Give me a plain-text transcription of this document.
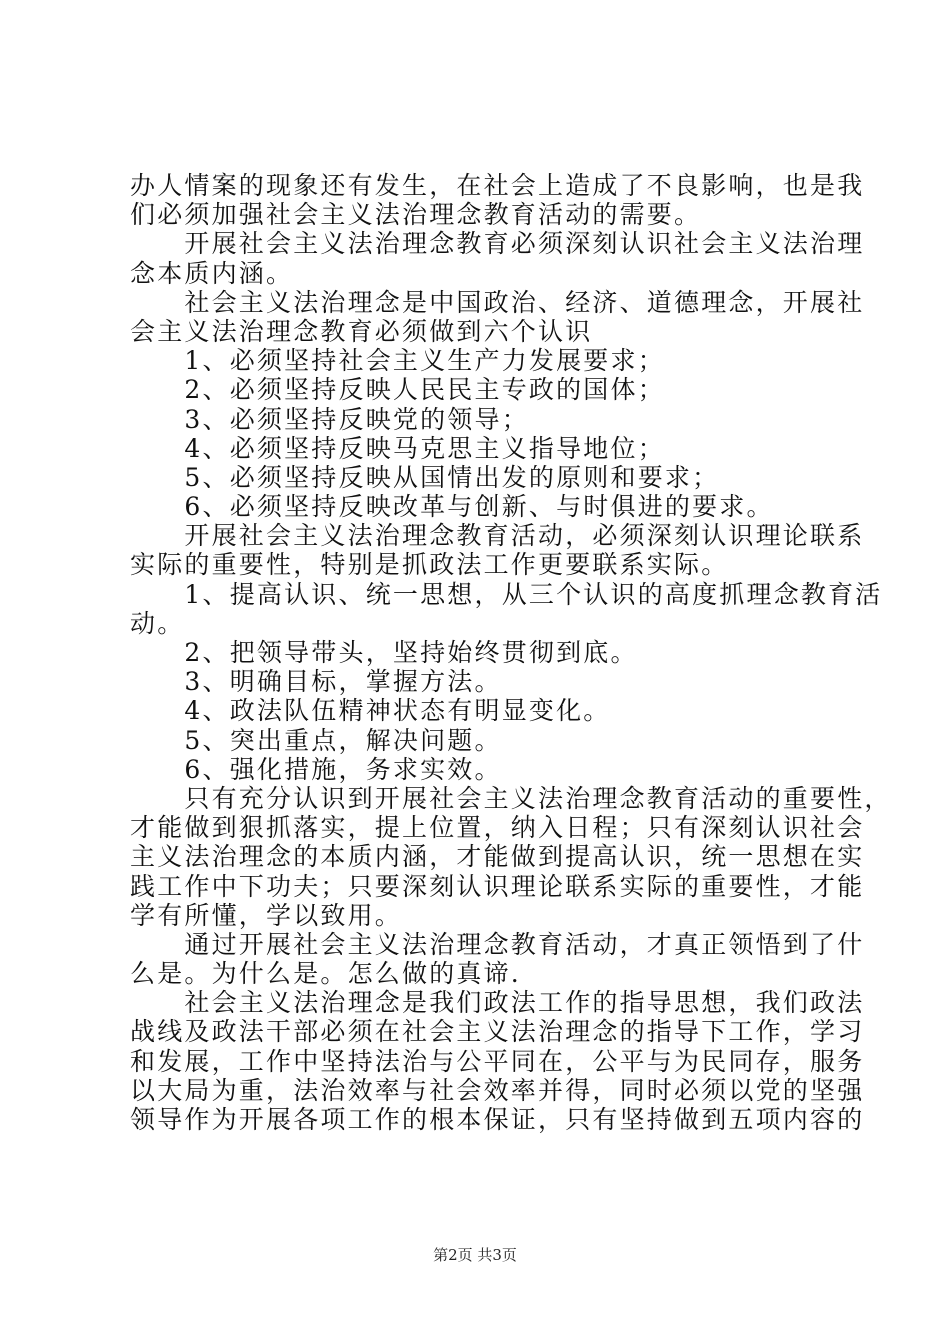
办人情案的现象还有发生，在社会上造成了不良影响，也是我
们必须加强社会主义法治理念教育活动的需要。
　　开展社会主义法治理念教育必须深刻认识社会主义法治理
念本质内涵。
　　社会主义法治理念是中国政治、经济、道德理念，开展社
会主义法治理念教育必须做到六个认识
　　1、必须坚持社会主义生产力发展要求；
　　2、必须坚持反映人民民主专政的国体；
　　3、必须坚持反映党的领导；
　　4、必须坚持反映马克思主义指导地位；
　　5、必须坚持反映从国情出发的原则和要求；
　　6、必须坚持反映改革与创新、与时俱进的要求。
　　开展社会主义法治理念教育活动，必须深刻认识理论联系
实际的重要性，特别是抓政法工作更要联系实际。
　　1、提高认识、统一思想，从三个认识的高度抓理念教育活
动。
　　2、把领导带头，坚持始终贯彻到底。
　　3、明确目标，掌握方法。
　　4、政法队伍精神状态有明显变化。
　　5、突出重点，解决问题。
　　6、强化措施，务求实效。
　　只有充分认识到开展社会主义法治理念教育活动的重要性，
才能做到狠抓落实，提上位置，纳入日程；只有深刻认识社会
主义法治理念的本质内涵，才能做到提高认识，统一思想在实
践工作中下功夫；只要深刻认识理论联系实际的重要性，才能
学有所懂，学以致用。
　　通过开展社会主义法治理念教育活动，才真正领悟到了什
么是。为什么是。怎么做的真谛.
　　社会主义法治理念是我们政法工作的指导思想，我们政法
战线及政法干部必须在社会主义法治理念的指导下工作，学习
和发展，工作中坚持法治与公平同在，公平与为民同存，服务
以大局为重，法治效率与社会效率并得，同时必须以党的坚强
领导作为开展各项工作的根本保证，只有坚持做到五项内容的
第2页 共3页
